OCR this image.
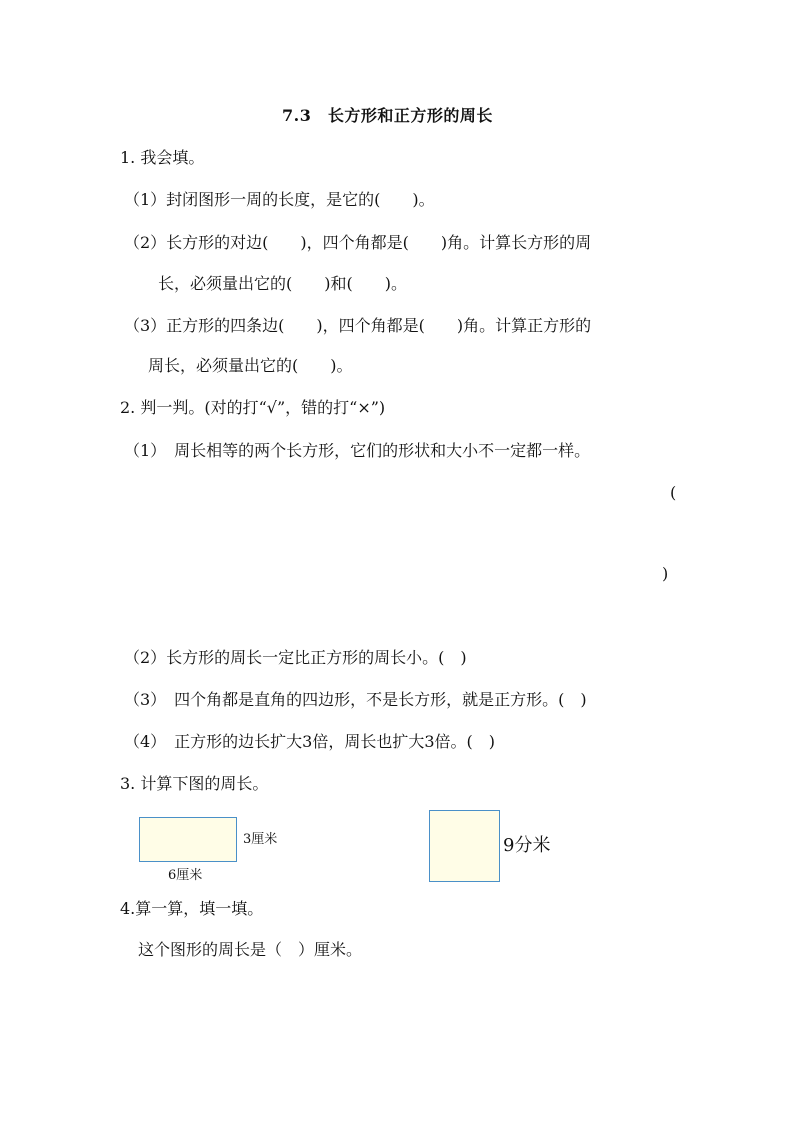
7.3　长方形和正方形的周长
1. 我会填。
（1）封闭图形一周的长度，是它的(　　)。
（2）长方形的对边(　　)，四个角都是(　　)角。计算长方形的周
长，必须量出它的(　　)和(　　)。
（3）正方形的四条边(　　)，四个角都是(　　)角。计算正方形的
周长，必须量出它的(　　)。
2. 判一判。(对的打“√”，错的打“×”)
（1）　周长相等的两个长方形，它们的形状和大小不一定都一样。
(
)
（2）长方形的周长一定比正方形的周长小。(　)
（3）　四个角都是直角的四边形，不是长方形，就是正方形。(　)
（4）　正方形的边长扩大3倍，周长也扩大3倍。(　)
3. 计算下图的周长。
3厘米
6厘米
9分米
4.算一算，填一填。
这个图形的周长是（　）厘米。
